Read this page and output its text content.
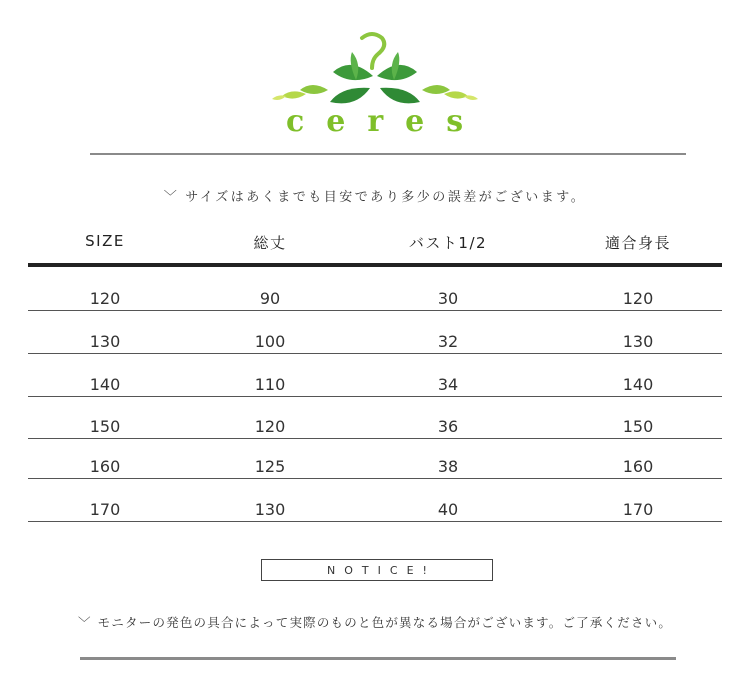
ceres
﹀ サイズはあくまでも目安であり多少の誤差がございます。
SIZE	総丈	バスト1/2	適合身長
120	90	30	120
130	100	32	130
140	110	34	140
150	120	36	150
160	125	38	160
170	130	40	170
NOTICE!
﹀ モニターの発色の具合によって実際のものと色が異なる場合がございます。ご了承ください。
